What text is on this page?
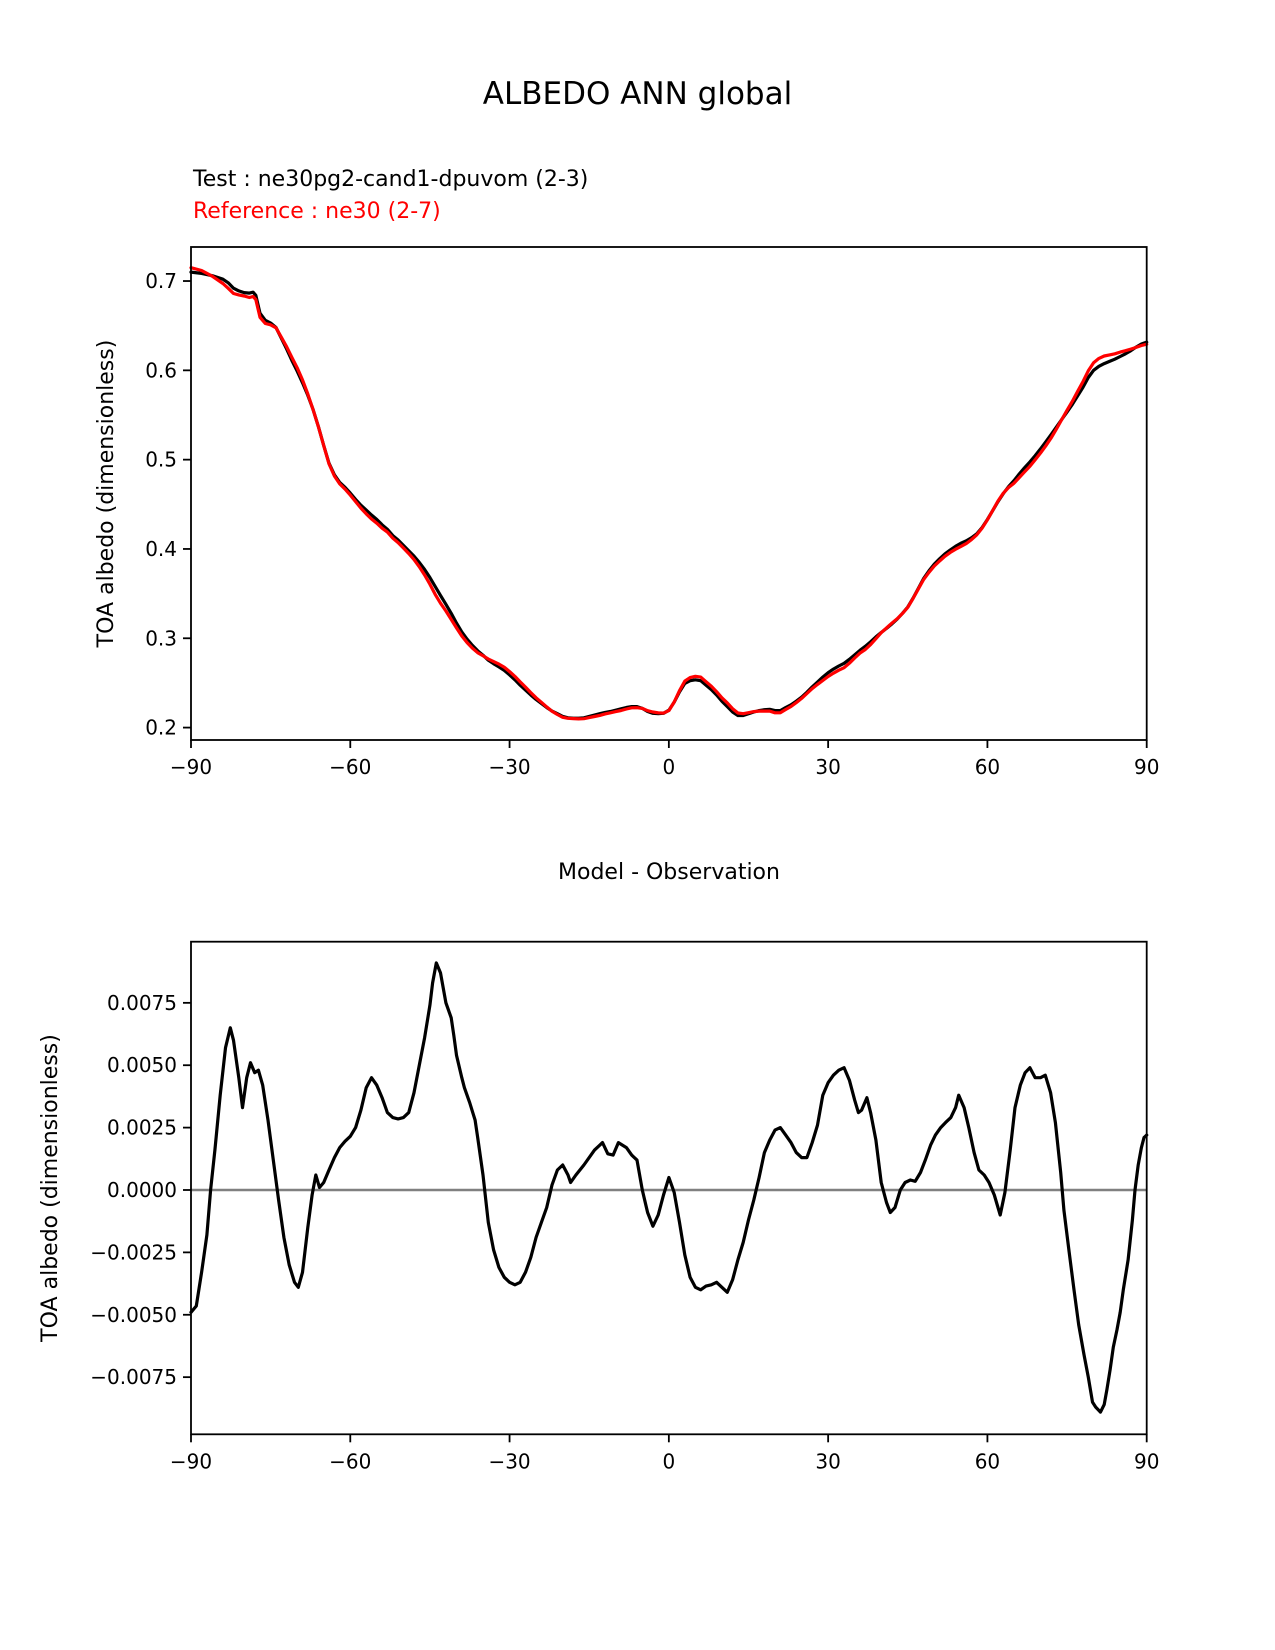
ALBEDO ANN global
Test : ne30pg2-cand1-dpuvom (2-3)
Reference : ne30 (2-7)
Model - Observation
−90	−60	−30	0	30	60	90
0.2
0.3
0.4
0.5
0.6
0.7
TOA albedo (dimensionless)
−90	−60	−30	0	30	60	90
0.0075
0.0050
0.0025
0.0000
−0.0025
−0.0050
−0.0075
TOA albedo (dimensionless)
